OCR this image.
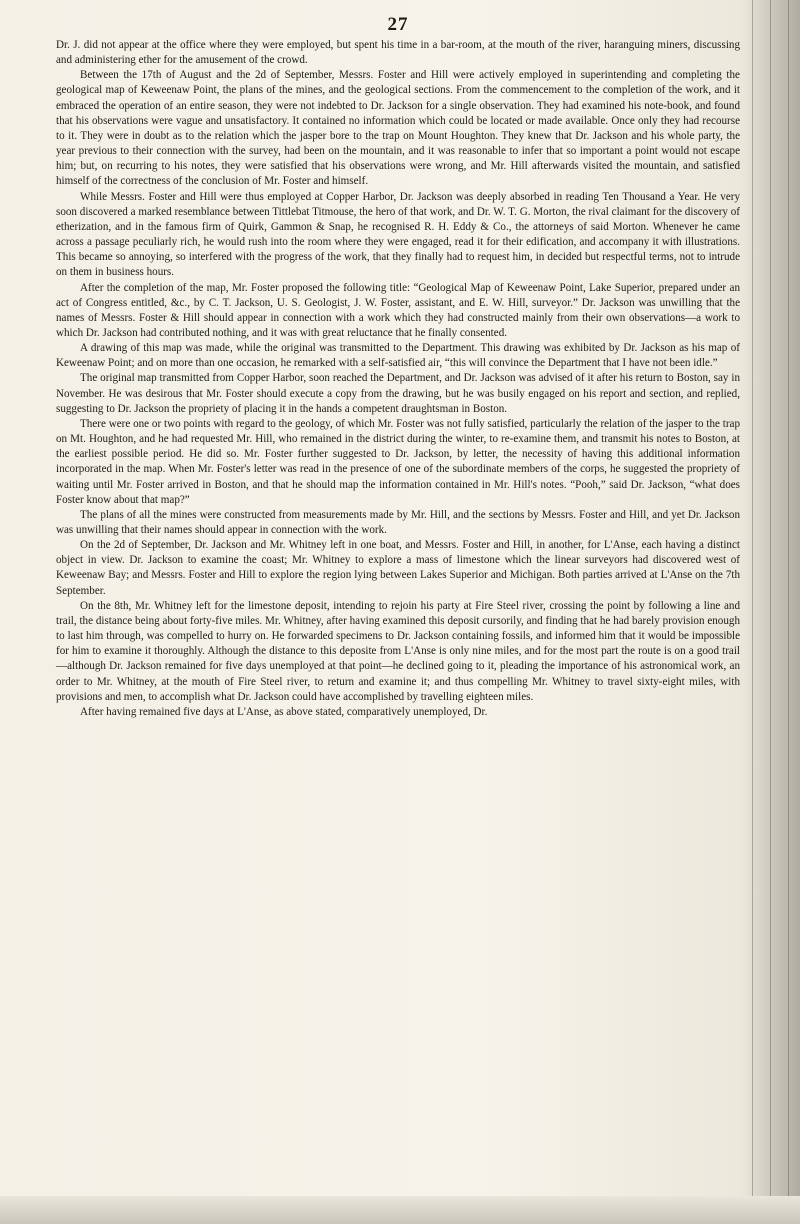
27

Dr. J. did not appear at the office where they were employed, but spent his time in a bar-room, at the mouth of the river, haranguing miners, discussing and administering ether for the amusement of the crowd.

Between the 17th of August and the 2d of September, Messrs. Foster and Hill were actively employed in superintending and completing the geological map of Keweenaw Point, the plans of the mines, and the geological sections. From the commencement to the completion of the work, and it embraced the operation of an entire season, they were not indebted to Dr. Jackson for a single observation. They had examined his note-book, and found that his observations were vague and unsatisfactory. It contained no information which could be located or made available. Once only they had recourse to it. They were in doubt as to the relation which the jasper bore to the trap on Mount Houghton. They knew that Dr. Jackson and his whole party, the year previous to their connection with the survey, had been on the mountain, and it was reasonable to infer that so important a point would not escape him; but, on recurring to his notes, they were satisfied that his observations were wrong, and Mr. Hill afterwards visited the mountain, and satisfied himself of the correctness of the conclusion of Mr. Foster and himself.

While Messrs. Foster and Hill were thus employed at Copper Harbor, Dr. Jackson was deeply absorbed in reading Ten Thousand a Year. He very soon discovered a marked resemblance between Tittlebat Titmouse, the hero of that work, and Dr. W. T. G. Morton, the rival claimant for the discovery of etherization, and in the famous firm of Quirk, Gammon & Snap, he recognised R. H. Eddy & Co., the attorneys of said Morton. Whenever he came across a passage peculiarly rich, he would rush into the room where they were engaged, read it for their edification, and accompany it with illustrations. This became so annoying, so interfered with the progress of the work, that they finally had to request him, in decided but respectful terms, not to intrude on them in business hours.

After the completion of the map, Mr. Foster proposed the following title: “Geological Map of Keweenaw Point, Lake Superior, prepared under an act of Congress entitled, &c., by C. T. Jackson, U. S. Geologist, J. W. Foster, assistant, and E. W. Hill, surveyor.” Dr. Jackson was unwilling that the names of Messrs. Foster & Hill should appear in connection with a work which they had constructed mainly from their own observations—a work to which Dr. Jackson had contributed nothing, and it was with great reluctance that he finally consented.

A drawing of this map was made, while the original was transmitted to the Department. This drawing was exhibited by Dr. Jackson as his map of Keweenaw Point; and on more than one occasion, he remarked with a self-satisfied air, “this will convince the Department that I have not been idle.”

The original map transmitted from Copper Harbor, soon reached the Department, and Dr. Jackson was advised of it after his return to Boston, say in November. He was desirous that Mr. Foster should execute a copy from the drawing, but he was busily engaged on his report and section, and replied, suggesting to Dr. Jackson the propriety of placing it in the hands a competent draughtsman in Boston.

There were one or two points with regard to the geology, of which Mr. Foster was not fully satisfied, particularly the relation of the jasper to the trap on Mt. Houghton, and he had requested Mr. Hill, who remained in the district during the winter, to re-examine them, and transmit his notes to Boston, at the earliest possible period. He did so. Mr. Foster further suggested to Dr. Jackson, by letter, the necessity of having this additional information incorporated in the map. When Mr. Foster's letter was read in the presence of one of the subordinate members of the corps, he suggested the propriety of waiting until Mr. Foster arrived in Boston, and that he should map the information contained in Mr. Hill's notes. “Pooh,” said Dr. Jackson, “what does Foster know about that map?”

The plans of all the mines were constructed from measurements made by Mr. Hill, and the sections by Messrs. Foster and Hill, and yet Dr. Jackson was unwilling that their names should appear in connection with the work.

On the 2d of September, Dr. Jackson and Mr. Whitney left in one boat, and Messrs. Foster and Hill, in another, for L'Anse, each having a distinct object in view. Dr. Jackson to examine the coast; Mr. Whitney to explore a mass of limestone which the linear surveyors had discovered west of Keweenaw Bay; and Messrs. Foster and Hill to explore the region lying between Lakes Superior and Michigan. Both parties arrived at L'Anse on the 7th September.

On the 8th, Mr. Whitney left for the limestone deposit, intending to rejoin his party at Fire Steel river, crossing the point by following a line and trail, the distance being about forty-five miles. Mr. Whitney, after having examined this deposit cursorily, and finding that he had barely provision enough to last him through, was compelled to hurry on. He forwarded specimens to Dr. Jackson containing fossils, and informed him that it would be impossible for him to examine it thoroughly. Although the distance to this deposite from L'Anse is only nine miles, and for the most part the route is on a good trail—although Dr. Jackson remained for five days unemployed at that point—he declined going to it, pleading the importance of his astronomical work, an order to Mr. Whitney, at the mouth of Fire Steel river, to return and examine it; and thus compelling Mr. Whitney to travel sixty-eight miles, with provisions and men, to accomplish what Dr. Jackson could have accomplished by travelling eighteen miles.

After having remained five days at L'Anse, as above stated, comparatively unemployed, Dr.
